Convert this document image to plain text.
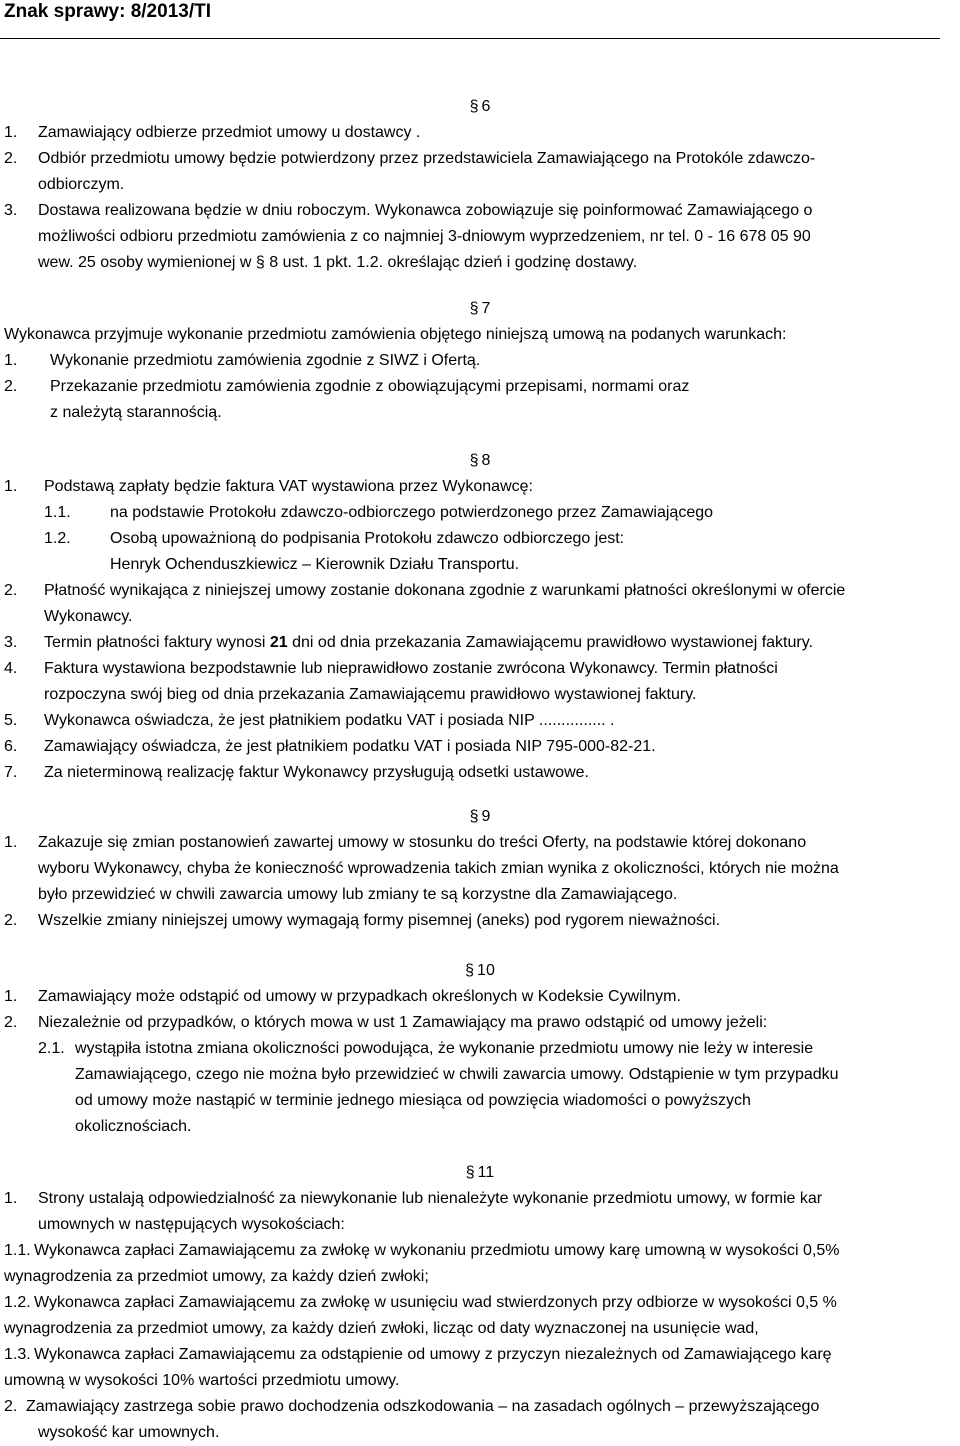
Znak sprawy: 8/2013/TI
§ 6
1. Zamawiający odbierze przedmiot umowy u dostawcy .
2. Odbiór przedmiotu umowy będzie potwierdzony przez przedstawiciela Zamawiającego na Protokóle zdawczo-
odbiorczym.
3. Dostawa realizowana będzie w dniu roboczym. Wykonawca zobowiązuje się poinformować Zamawiającego o
możliwości odbioru przedmiotu zamówienia z co najmniej 3-dniowym wyprzedzeniem, nr tel. 0 - 16 678 05 90
wew. 25 osoby wymienionej w § 8 ust. 1 pkt. 1.2. określając dzień i godzinę dostawy.
§ 7
Wykonawca przyjmuje wykonanie przedmiotu zamówienia objętego niniejszą umową na podanych warunkach:
1. Wykonanie przedmiotu zamówienia zgodnie z SIWZ i Ofertą.
2. Przekazanie przedmiotu zamówienia zgodnie z obowiązującymi przepisami, normami oraz
z należytą starannością.
§ 8
1. Podstawą zapłaty będzie faktura VAT wystawiona przez Wykonawcę:
1.1. na podstawie Protokołu zdawczo-odbiorczego potwierdzonego przez Zamawiającego
1.2. Osobą upoważnioną do podpisania Protokołu zdawczo odbiorczego jest:
Henryk Ochenduszkiewicz – Kierownik Działu Transportu.
2. Płatność wynikająca z niniejszej umowy zostanie dokonana zgodnie z warunkami płatności określonymi w ofercie
Wykonawcy.
3. Termin płatności faktury wynosi 21 dni od dnia przekazania Zamawiającemu prawidłowo wystawionej faktury.
4. Faktura wystawiona bezpodstawnie lub nieprawidłowo zostanie zwrócona Wykonawcy. Termin płatności
rozpoczyna swój bieg od dnia przekazania Zamawiającemu prawidłowo wystawionej faktury.
5. Wykonawca oświadcza, że jest płatnikiem podatku VAT i posiada NIP ............... .
6. Zamawiający oświadcza, że jest płatnikiem podatku VAT i posiada NIP 795-000-82-21.
7. Za nieterminową realizację faktur Wykonawcy przysługują odsetki ustawowe.
§ 9
1. Zakazuje się zmian postanowień zawartej umowy w stosunku do treści Oferty, na podstawie której dokonano
wyboru Wykonawcy, chyba że konieczność wprowadzenia takich zmian wynika z okoliczności, których nie można
było przewidzieć w chwili zawarcia umowy lub zmiany te są korzystne dla Zamawiającego.
2. Wszelkie zmiany niniejszej umowy wymagają formy pisemnej (aneks) pod rygorem nieważności.
§ 10
1. Zamawiający może odstąpić od umowy w przypadkach określonych w Kodeksie Cywilnym.
2. Niezależnie od przypadków, o których mowa w ust 1 Zamawiający ma prawo odstąpić od umowy jeżeli:
2.1. wystąpiła istotna zmiana okoliczności powodująca, że wykonanie przedmiotu umowy nie leży w interesie
Zamawiającego, czego nie można było przewidzieć w chwili zawarcia umowy. Odstąpienie w tym przypadku
od umowy może nastąpić w terminie jednego miesiąca od powzięcia wiadomości o powyższych
okolicznościach.
§ 11
1. Strony ustalają odpowiedzialność za niewykonanie lub nienależyte wykonanie przedmiotu umowy, w formie kar
umownych w następujących wysokościach:
1.1. Wykonawca zapłaci Zamawiającemu za zwłokę w wykonaniu przedmiotu umowy karę umowną w wysokości 0,5%
wynagrodzenia za przedmiot umowy, za każdy dzień zwłoki;
1.2. Wykonawca zapłaci Zamawiającemu za zwłokę w usunięciu wad stwierdzonych przy odbiorze w wysokości 0,5 %
wynagrodzenia za przedmiot umowy, za każdy dzień zwłoki, licząc od daty wyznaczonej na usunięcie wad,
1.3. Wykonawca zapłaci Zamawiającemu za odstąpienie od umowy z przyczyn niezależnych od Zamawiającego karę
umowną w wysokości 10% wartości przedmiotu umowy.
2. Zamawiający zastrzega sobie prawo dochodzenia odszkodowania – na zasadach ogólnych – przewyższającego
wysokość kar umownych.
